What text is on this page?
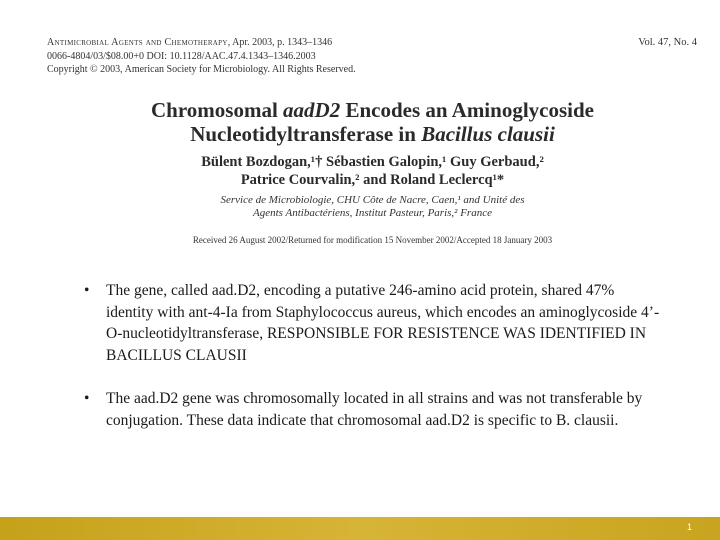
Antimicrobial Agents and Chemotherapy, Apr. 2003, p. 1343–1346
0066-4804/03/$08.00+0 DOI: 10.1128/AAC.47.4.1343–1346.2003
Copyright © 2003, American Society for Microbiology. All Rights Reserved.
Vol. 47, No. 4
Chromosomal aadD2 Encodes an Aminoglycoside
Nucleotidyltransferase in Bacillus clausii
Bülent Bozdogan,¹† Sébastien Galopin,¹ Guy Gerbaud,²
Patrice Courvalin,² and Roland Leclercq¹*
Service de Microbiologie, CHU Côte de Nacre, Caen,¹ and Unité des
Agents Antibactériens, Institut Pasteur, Paris,² France
Received 26 August 2002/Returned for modification 15 November 2002/Accepted 18 January 2003
• The gene, called aad.D2, encoding a putative 246-amino acid protein, shared 47% identity with ant-4-Ia from Staphylococcus aureus, which encodes an aminoglycoside 4’-O-nucleotidyltransferase, RESPONSIBLE FOR RESISTENCE WAS IDENTIFIED IN BACILLUS CLAUSII
• The aad.D2 gene was chromosomally located in all strains and was not transferable by conjugation. These data indicate that chromosomal aad.D2 is specific to B. clausii.
1
